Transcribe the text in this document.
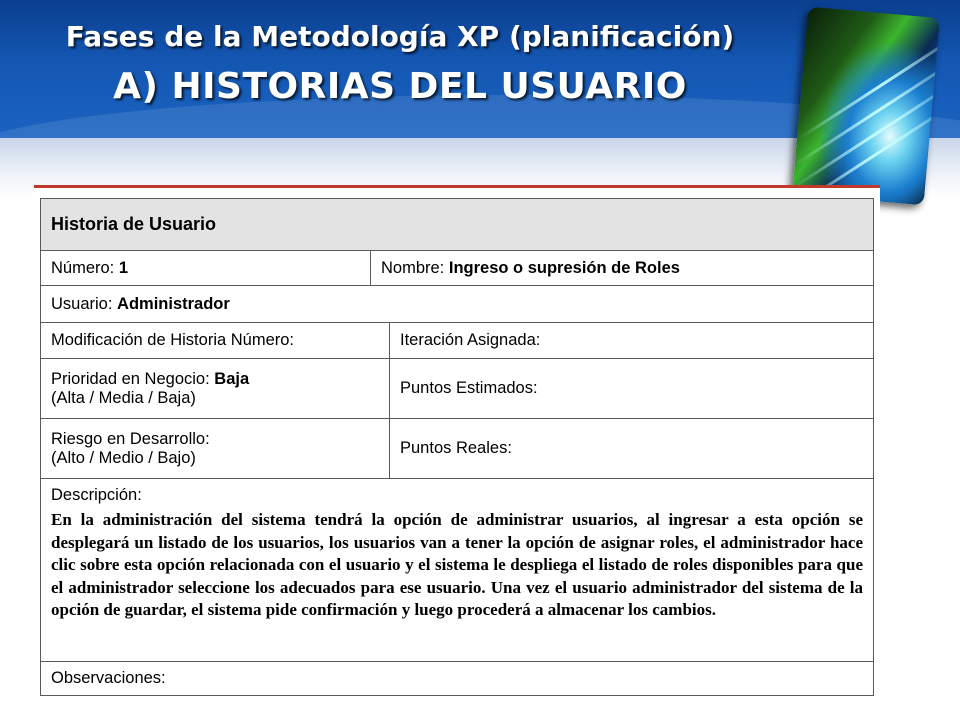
Fases de la Metodología XP (planificación)
A) HISTORIAS DEL USUARIO
Historia de Usuario		
Número: 1	Nombre: Ingreso o supresión de Roles	
Usuario: Administrador		
Modificación de Historia Número:		Iteración Asignada:

Prioridad en Negocio: Baja
(Alta / Media / Baja)		Puntos Estimados:

Riesgo en Desarrollo:
(Alto / Medio / Bajo)		Puntos Reales:

Descripción:
En la administración del sistema tendrá la opción de administrar usuarios, al ingresar a esta opción se desplegará un listado de los usuarios, los usuarios van a tener la opción de asignar roles, el administrador hace clic sobre esta opción relacionada con el usuario y el sistema le despliega el listado de roles disponibles para que el administrador seleccione los adecuados para ese usuario. Una vez el usuario administrador del sistema de la opción de guardar, el sistema pide confirmación y luego procederá a almacenar los cambios.		

Observaciones:		
